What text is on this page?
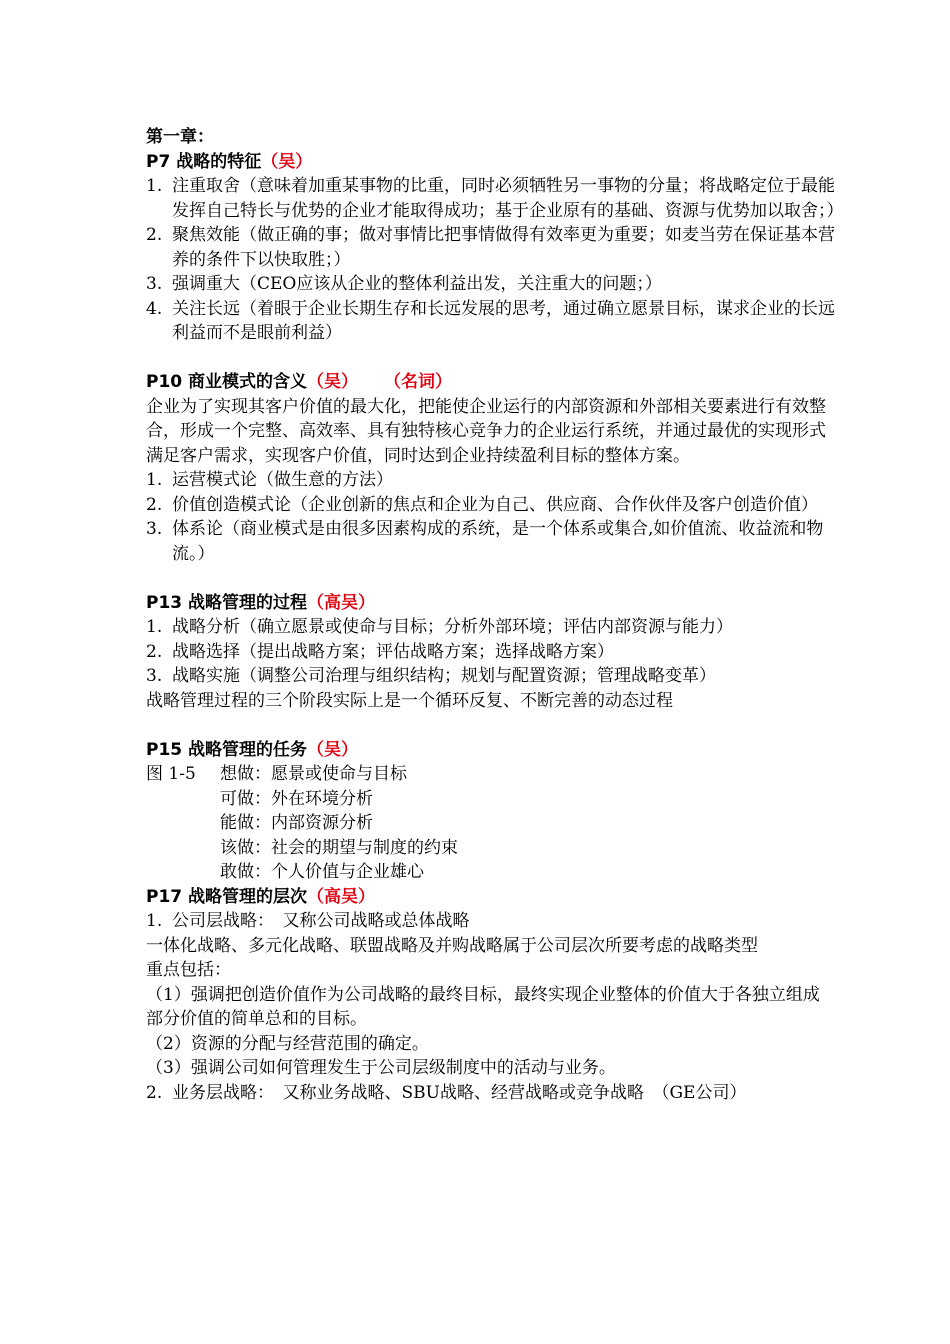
第一章：
P7 战略的特征（吴）
1. 注重取舍（意味着加重某事物的比重，同时必须牺牲另一事物的分量；将战略定位于最能发挥自己特长与优势的企业才能取得成功；基于企业原有的基础、资源与优势加以取舍；）
2. 聚焦效能（做正确的事；做对事情比把事情做得有效率更为重要；如麦当劳在保证基本营养的条件下以快取胜；）
3. 强调重大（CEO应该从企业的整体利益出发，关注重大的问题；）
4. 关注长远（着眼于企业长期生存和长远发展的思考，通过确立愿景目标，谋求企业的长远利益而不是眼前利益）
P10 商业模式的含义（吴） （名词）
企业为了实现其客户价值的最大化，把能使企业运行的内部资源和外部相关要素进行有效整合，形成一个完整、高效率、具有独特核心竞争力的企业运行系统，并通过最优的实现形式满足客户需求，实现客户价值，同时达到企业持续盈利目标的整体方案。
1. 运营模式论（做生意的方法）
2. 价值创造模式论（企业创新的焦点和企业为自己、供应商、合作伙伴及客户创造价值）
3. 体系论（商业模式是由很多因素构成的系统，是一个体系或集合,如价值流、收益流和物流。）
P13 战略管理的过程（高吴）
1. 战略分析（确立愿景或使命与目标；分析外部环境；评估内部资源与能力）
2. 战略选择（提出战略方案；评估战略方案；选择战略方案）
3. 战略实施（调整公司治理与组织结构；规划与配置资源；管理战略变革）
战略管理过程的三个阶段实际上是一个循环反复、不断完善的动态过程
P15 战略管理的任务（吴）
图 1-5	想做：愿景或使命与目标
可做：外在环境分析
能做：内部资源分析
该做：社会的期望与制度的约束
敢做：个人价值与企业雄心
P17 战略管理的层次（高吴）
1. 公司层战略：　又称公司战略或总体战略
一体化战略、多元化战略、联盟战略及并购战略属于公司层次所要考虑的战略类型
重点包括：
（1）强调把创造价值作为公司战略的最终目标，最终实现企业整体的价值大于各独立组成部分价值的简单总和的目标。
（2）资源的分配与经营范围的确定。
（3）强调公司如何管理发生于公司层级制度中的活动与业务。
2. 业务层战略：　又称业务战略、SBU战略、经营战略或竞争战略　（GE公司）
